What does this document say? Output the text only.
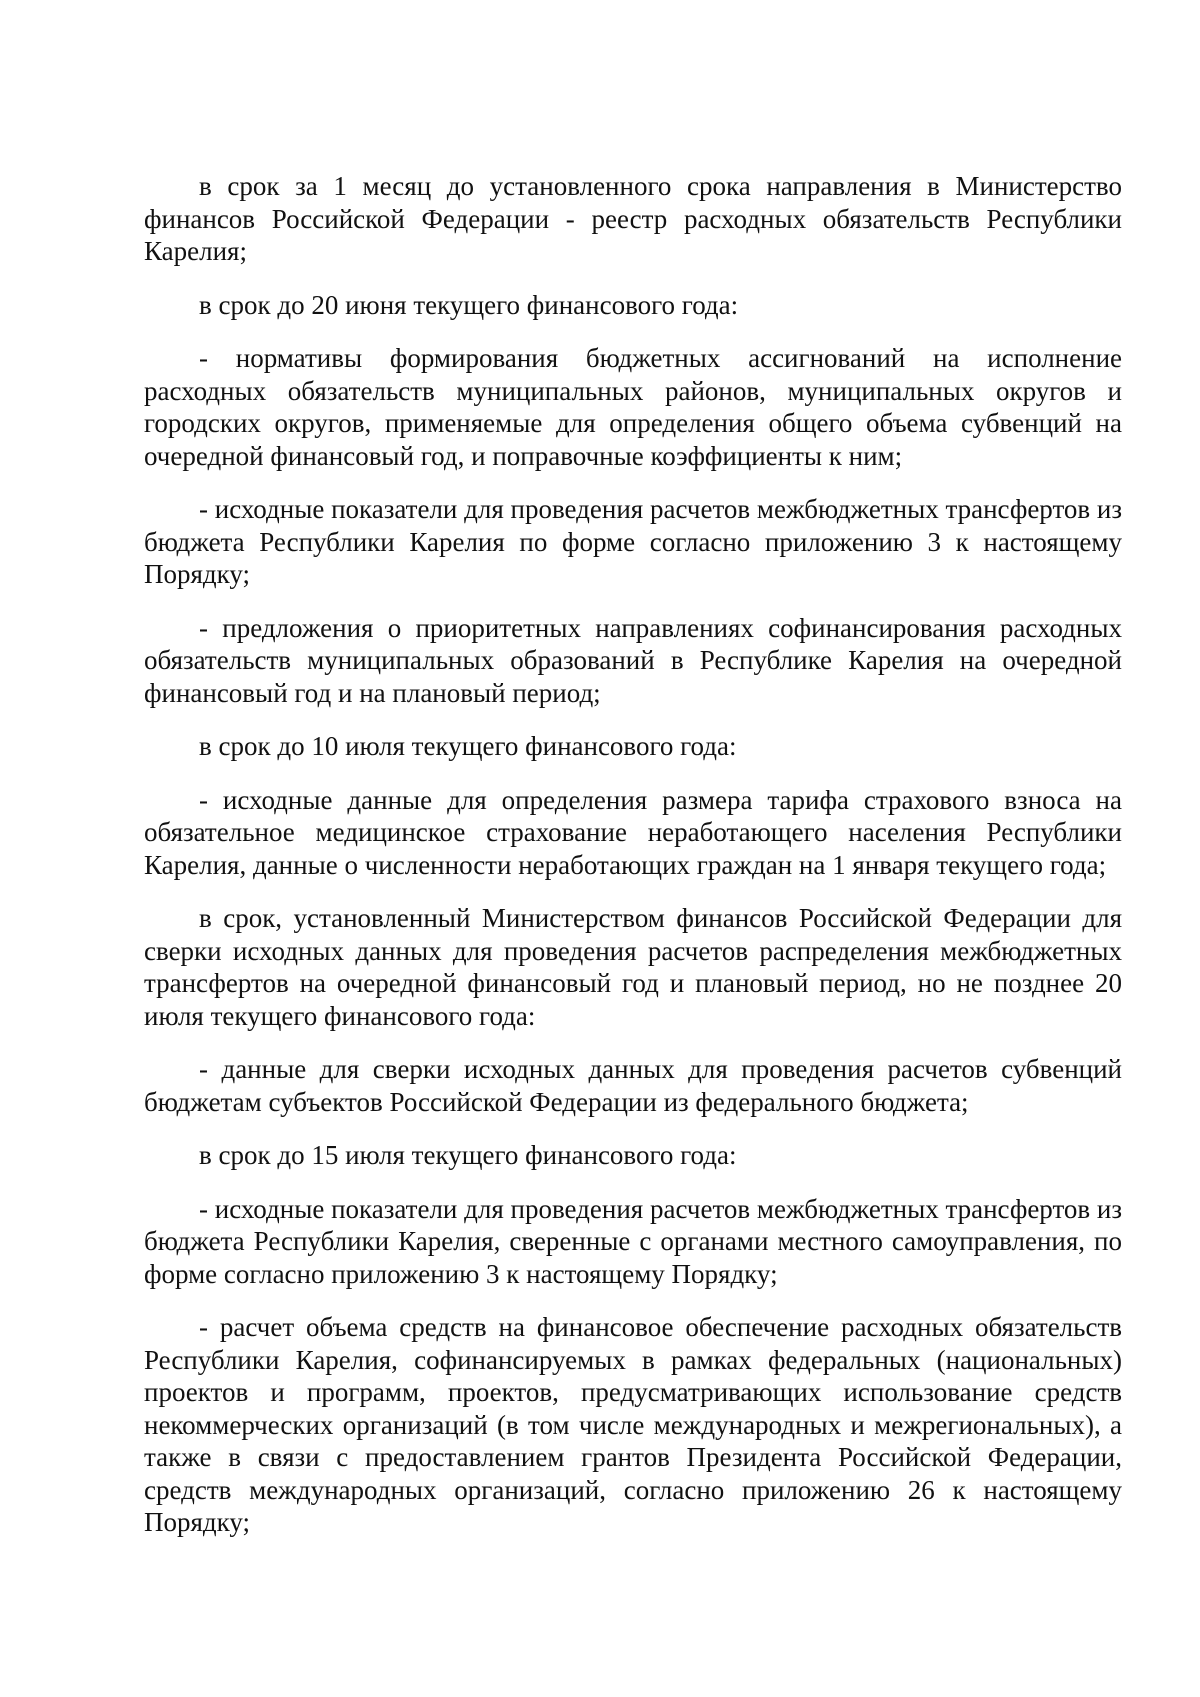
в срок за 1 месяц до установленного срока направления в Министерство финансов Российской Федерации - реестр расходных обязательств Республики Карелия;

в срок до 20 июня текущего финансового года:

- нормативы формирования бюджетных ассигнований на исполнение расходных обязательств муниципальных районов, муниципальных округов и городских округов, применяемые для определения общего объема субвенций на очередной финансовый год, и поправочные коэффициенты к ним;

- исходные показатели для проведения расчетов межбюджетных трансфертов из бюджета Республики Карелия по форме согласно приложению 3 к настоящему Порядку;

- предложения о приоритетных направлениях софинансирования расходных обязательств муниципальных образований в Республике Карелия на очередной финансовый год и на плановый период;

в срок до 10 июля текущего финансового года:

- исходные данные для определения размера тарифа страхового взноса на обязательное медицинское страхование неработающего населения Республики Карелия, данные о численности неработающих граждан на 1 января текущего года;

в срок, установленный Министерством финансов Российской Федерации для сверки исходных данных для проведения расчетов распределения межбюджетных трансфертов на очередной финансовый год и плановый период, но не позднее 20 июля текущего финансового года:

- данные для сверки исходных данных для проведения расчетов субвенций бюджетам субъектов Российской Федерации из федерального бюджета;

в срок до 15 июля текущего финансового года:

- исходные показатели для проведения расчетов межбюджетных трансфертов из бюджета Республики Карелия, сверенные с органами местного самоуправления, по форме согласно приложению 3 к настоящему Порядку;

- расчет объема средств на финансовое обеспечение расходных обязательств Республики Карелия, софинансируемых в рамках федеральных (национальных) проектов и программ, проектов, предусматривающих использование средств некоммерческих организаций (в том числе международных и межрегиональных), а также в связи с предоставлением грантов Президента Российской Федерации, средств международных организаций, согласно приложению 26 к настоящему Порядку;
